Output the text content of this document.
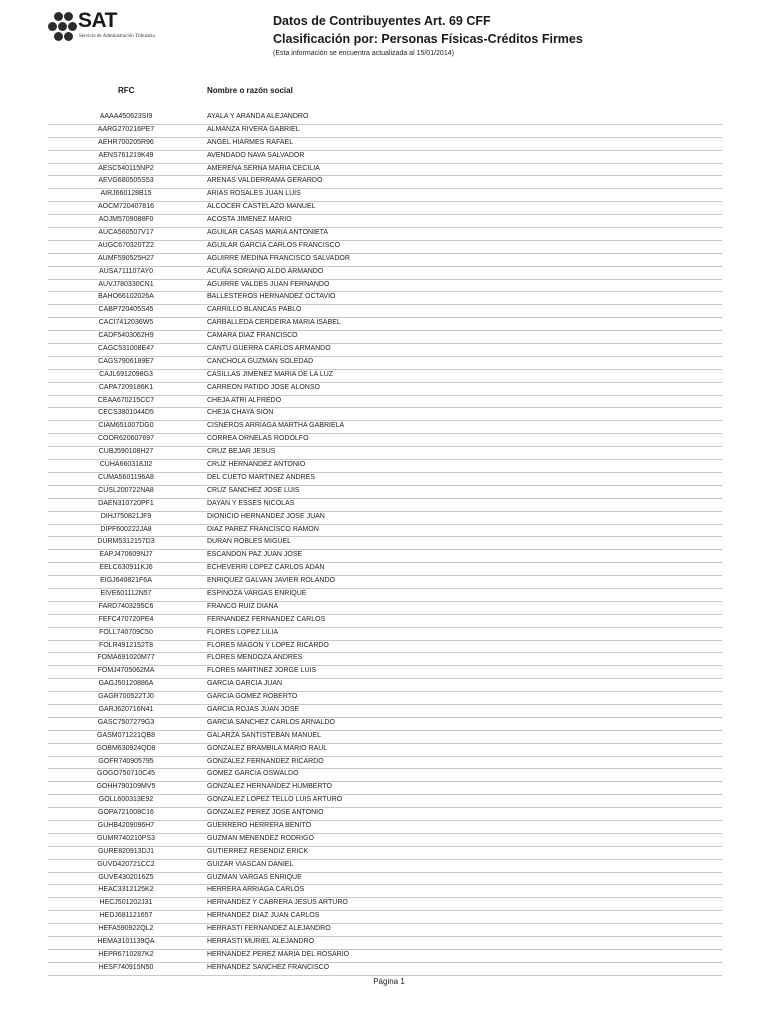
SAT
Servicio de Administración Tributaria
Datos de Contribuyentes Art. 69 CFF
Clasificación por: Personas Físicas-Créditos Firmes
(Esta información se encuentra actualizada al 15/01/2014)
RFC	Nombre o razón social
AAAA450623SI9	AYALA Y ARANDA ALEJANDRO
AARG270216PE7	ALMANZA RIVERA GABRIEL
AEHR700205R96	ANGEL HIARMES RAFAEL
AENS761219K49	AVENDADO NAVA SALVADOR
AESC540115NP2	AMERENA SERNA MARIA CECILIA
AEVG680505S53	ARENAS VALDERRAMA GERARDO
AIRJ660128B15	ARIAS ROSALES JUAN LUIS
AOCM720407816	ALCOCER CASTELAZO MANUEL
AOJM5709088F0	ACOSTA JIMENEZ MARIO
AUCA560507V17	AGUILAR CASAS MARIA ANTONIETA
AUGC670320TZ2	AGUILAR GARCIA CARLOS FRANCISCO
AUMF590525H27	AGUIRRE MEDINA FRANCISCO SALVADOR
AUSA711107AY0	ACUÑA SORIANO ALDO ARMANDO
AUVJ780330CN1	AGUIRRE VALDES JUAN FERNANDO
BAHO66102026A	BALLESTEROS HERNANDEZ OCTAVIO
CABP720405S45	CARRILLO BLANCAS PABLO
CACI7412036W5	CARBALLEDA CERDEIRA MARIA ISABEL
CADF5403062H9	CAMARA DIAZ FRANCISCO
CAGC531008E47	CANTU GUERRA CARLOS ARMANDO
CAGS7906189E7	CANCHOLA GUZMAN SOLEDAD
CAJL6912098G3	CASILLAS JIMENEZ MARIA DE LA LUZ
CAPA7209186K1	CARREON PATIDO JOSE ALONSO
CEAA670215CC7	CHEJA ATRI ALFREDO
CECS3801044D5	CHEJA CHAYA SION
CIAM651007DG0	CISNEROS ARRIAGA MARTHA GABRIELA
COOR620607697	CORREA ORNELAS RODOLFO
CUBJ590108H27	CRUZ BEJAR JESUS
CUHA660318JI2	CRUZ HERNANDEZ ANTONIO
CUMA5601196A8	DEL CUETO MARTINEZ ANDRES
CUSL200722NA8	CRUZ SANCHEZ JOSE LUIS
DAEN310720PF1	DAYAN Y ESSES NICOLAS
DIHJ750821JF9	DIONICIO HERNANDEZ JOSE JUAN
DIPF600222JA8	DIAZ PAREZ FRANCISCO RAMON
DURM5312157D3	DURAN ROBLES MIGUEL
EAPJ470609NJ7	ESCANDON PAZ JUAN JOSE
EELC630911KJ6	ECHEVERRI LOPEZ CARLOS ADAN
EIGJ640821F6A	ENRIQUEZ GALVAN JAVIER ROLANDO
EIVE601112N57	ESPINOZA VARGAS ENRIQUE
FARD7403295C6	FRANCO RUIZ DIANA
FEFC470720PE4	FERNANDEZ FERNANDEZ CARLOS
FOLL740709C50	FLORES LOPEZ LILIA
FOLR4912152T8	FLORES MAGON Y LOPEZ RICARDO
FOMA691020M77	FLORES MENDOZA ANDRES
FOMJ4705062MA	FLORES MARTINEZ JORGE LUIS
GAGJ50120886A	GARCIA GARCIA JUAN
GAGR700522TJ0	GARCIA GOMEZ ROBERTO
GARJ620716N41	GARCIA ROJAS JUAN JOSE
GASC7507279G3	GARCIA SANCHEZ CARLOS ARNALDO
GASM071221QB8	GALARZA SANTISTEBAN MANUEL
GOBM630924QD8	GONZALEZ BRAMBILA MARIO RAUL
GOFR740905795	GONZALEZ FERNANDEZ RICARDO
GOGO750710C45	GOMEZ GARCIA OSWALDO
GOHH790109MV5	GONZALEZ HERNANDEZ HUMBERTO
GOLL600313E92	GONZALEZ LOPEZ TELLO LUIS ARTURO
GOPA721008C16	GONZALEZ PEREZ JOSE ANTONIO
GUHB4209096H7	GUERRERO HERRERA BENITO
GUMR740210PS3	GUZMAN MENENDEZ RODRIGO
GURE820913DJ1	GUTIERREZ RESENDIZ ERICK
GUVD420721CC2	GUIZAR VIASCAN DANIEL
GUVE4302016Z5	GUZMAN VARGAS ENRIQUE
HEAC3312125K2	HERRERA ARRIAGA CARLOS
HECJ501202J31	HERNANDEZ Y CABRERA JESUS ARTURO
HEDJ681121657	HERNANDEZ DIAZ JUAN CARLOS
HEFA590922QL2	HERRASTI FERNANDEZ ALEJANDRO
HEMA3101139QA	HERRASTI MURIEL ALEJANDRO
HEPR6710287K2	HERNANDEZ PEREZ MARIA DEL ROSARIO
HESF740915N50	HERNANDEZ SANCHEZ FRANCISCO
Página 1
